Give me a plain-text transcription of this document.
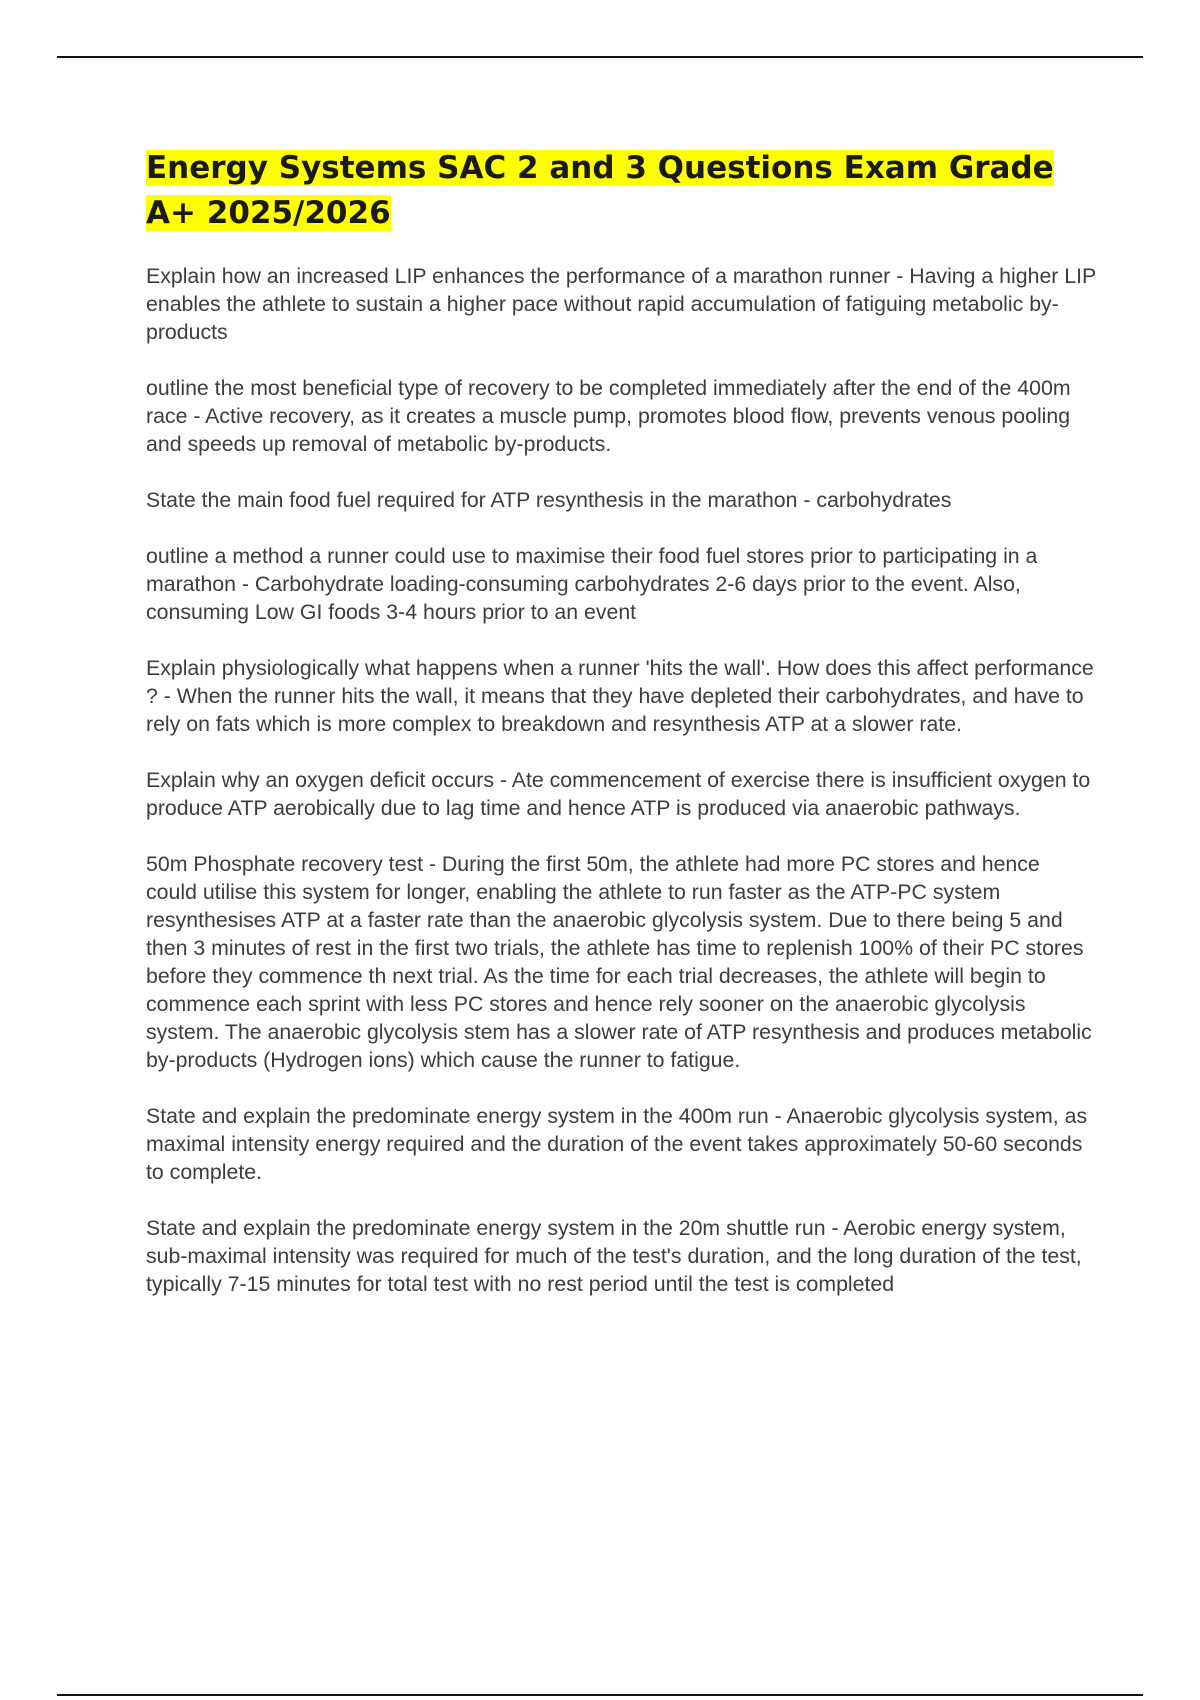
Energy Systems SAC 2 and 3 Questions Exam Grade A+ 2025/2026

Explain how an increased LIP enhances the performance of a marathon runner - Having a higher LIP enables the athlete to sustain a higher pace without rapid accumulation of fatiguing metabolic by-products

outline the most beneficial type of recovery to be completed immediately after the end of the 400m race - Active recovery, as it creates a muscle pump, promotes blood flow, prevents venous pooling and speeds up removal of metabolic by-products.

State the main food fuel required for ATP resynthesis in the marathon - carbohydrates

outline a method a runner could use to maximise their food fuel stores prior to participating in a marathon - Carbohydrate loading-consuming carbohydrates 2-6 days prior to the event. Also, consuming Low GI foods 3-4 hours prior to an event

Explain physiologically what happens when a runner 'hits the wall'. How does this affect performance ? - When the runner hits the wall, it means that they have depleted their carbohydrates, and have to rely on fats which is more complex to breakdown and resynthesis ATP at a slower rate.

Explain why an oxygen deficit occurs - Ate commencement of exercise there is insufficient oxygen to produce ATP aerobically due to lag time and hence ATP is produced via anaerobic pathways.

50m Phosphate recovery test - During the first 50m, the athlete had more PC stores and hence could utilise this system for longer, enabling the athlete to run faster as the ATP-PC system resynthesises ATP at a faster rate than the anaerobic glycolysis system. Due to there being 5 and then 3 minutes of rest in the first two trials, the athlete has time to replenish 100% of their PC stores before they commence th next trial. As the time for each trial decreases, the athlete will begin to commence each sprint with less PC stores and hence rely sooner on the anaerobic glycolysis system. The anaerobic glycolysis stem has a slower rate of ATP resynthesis and produces metabolic by-products (Hydrogen ions) which cause the runner to fatigue.

State and explain the predominate energy system in the 400m run - Anaerobic glycolysis system, as maximal intensity energy required and the duration of the event takes approximately 50-60 seconds to complete.

State and explain the predominate energy system in the 20m shuttle run - Aerobic energy system, sub-maximal intensity was required for much of the test's duration, and the long duration of the test, typically 7-15 minutes for total test with no rest period until the test is completed
